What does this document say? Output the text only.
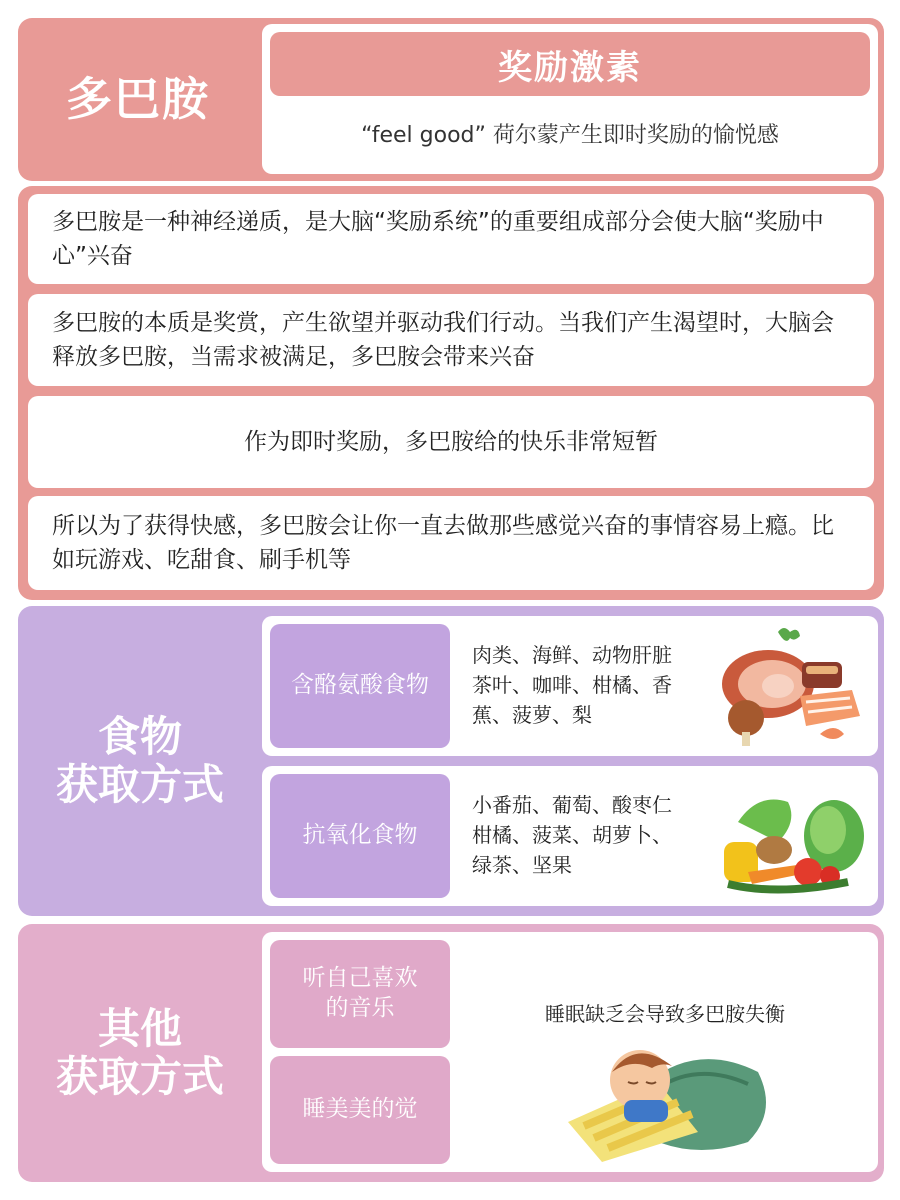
多巴胺
奖励激素
“feel good” 荷尔蒙产生即时奖励的愉悦感
多巴胺是一种神经递质，是大脑“奖励系统”的重要组成部分会使大脑“奖励中心”兴奋
多巴胺的本质是奖赏，产生欲望并驱动我们行动。当我们产生渴望时，大脑会释放多巴胺，当需求被满足，多巴胺会带来兴奋
作为即时奖励，多巴胺给的快乐非常短暂
所以为了获得快感，多巴胺会让你一直去做那些感觉兴奋的事情容易上瘾。比如玩游戏、吃甜食、刷手机等
食物
获取方式
含酪氨酸食物
肉类、海鲜、动物肝脏
茶叶、咖啡、柑橘、香
蕉、菠萝、梨
抗氧化食物
小番茄、葡萄、酸枣仁
柑橘、菠菜、胡萝卜、
绿茶、坚果
其他
获取方式
睡眠缺乏会导致多巴胺失衡
听自己喜欢
的音乐
睡美美的觉
